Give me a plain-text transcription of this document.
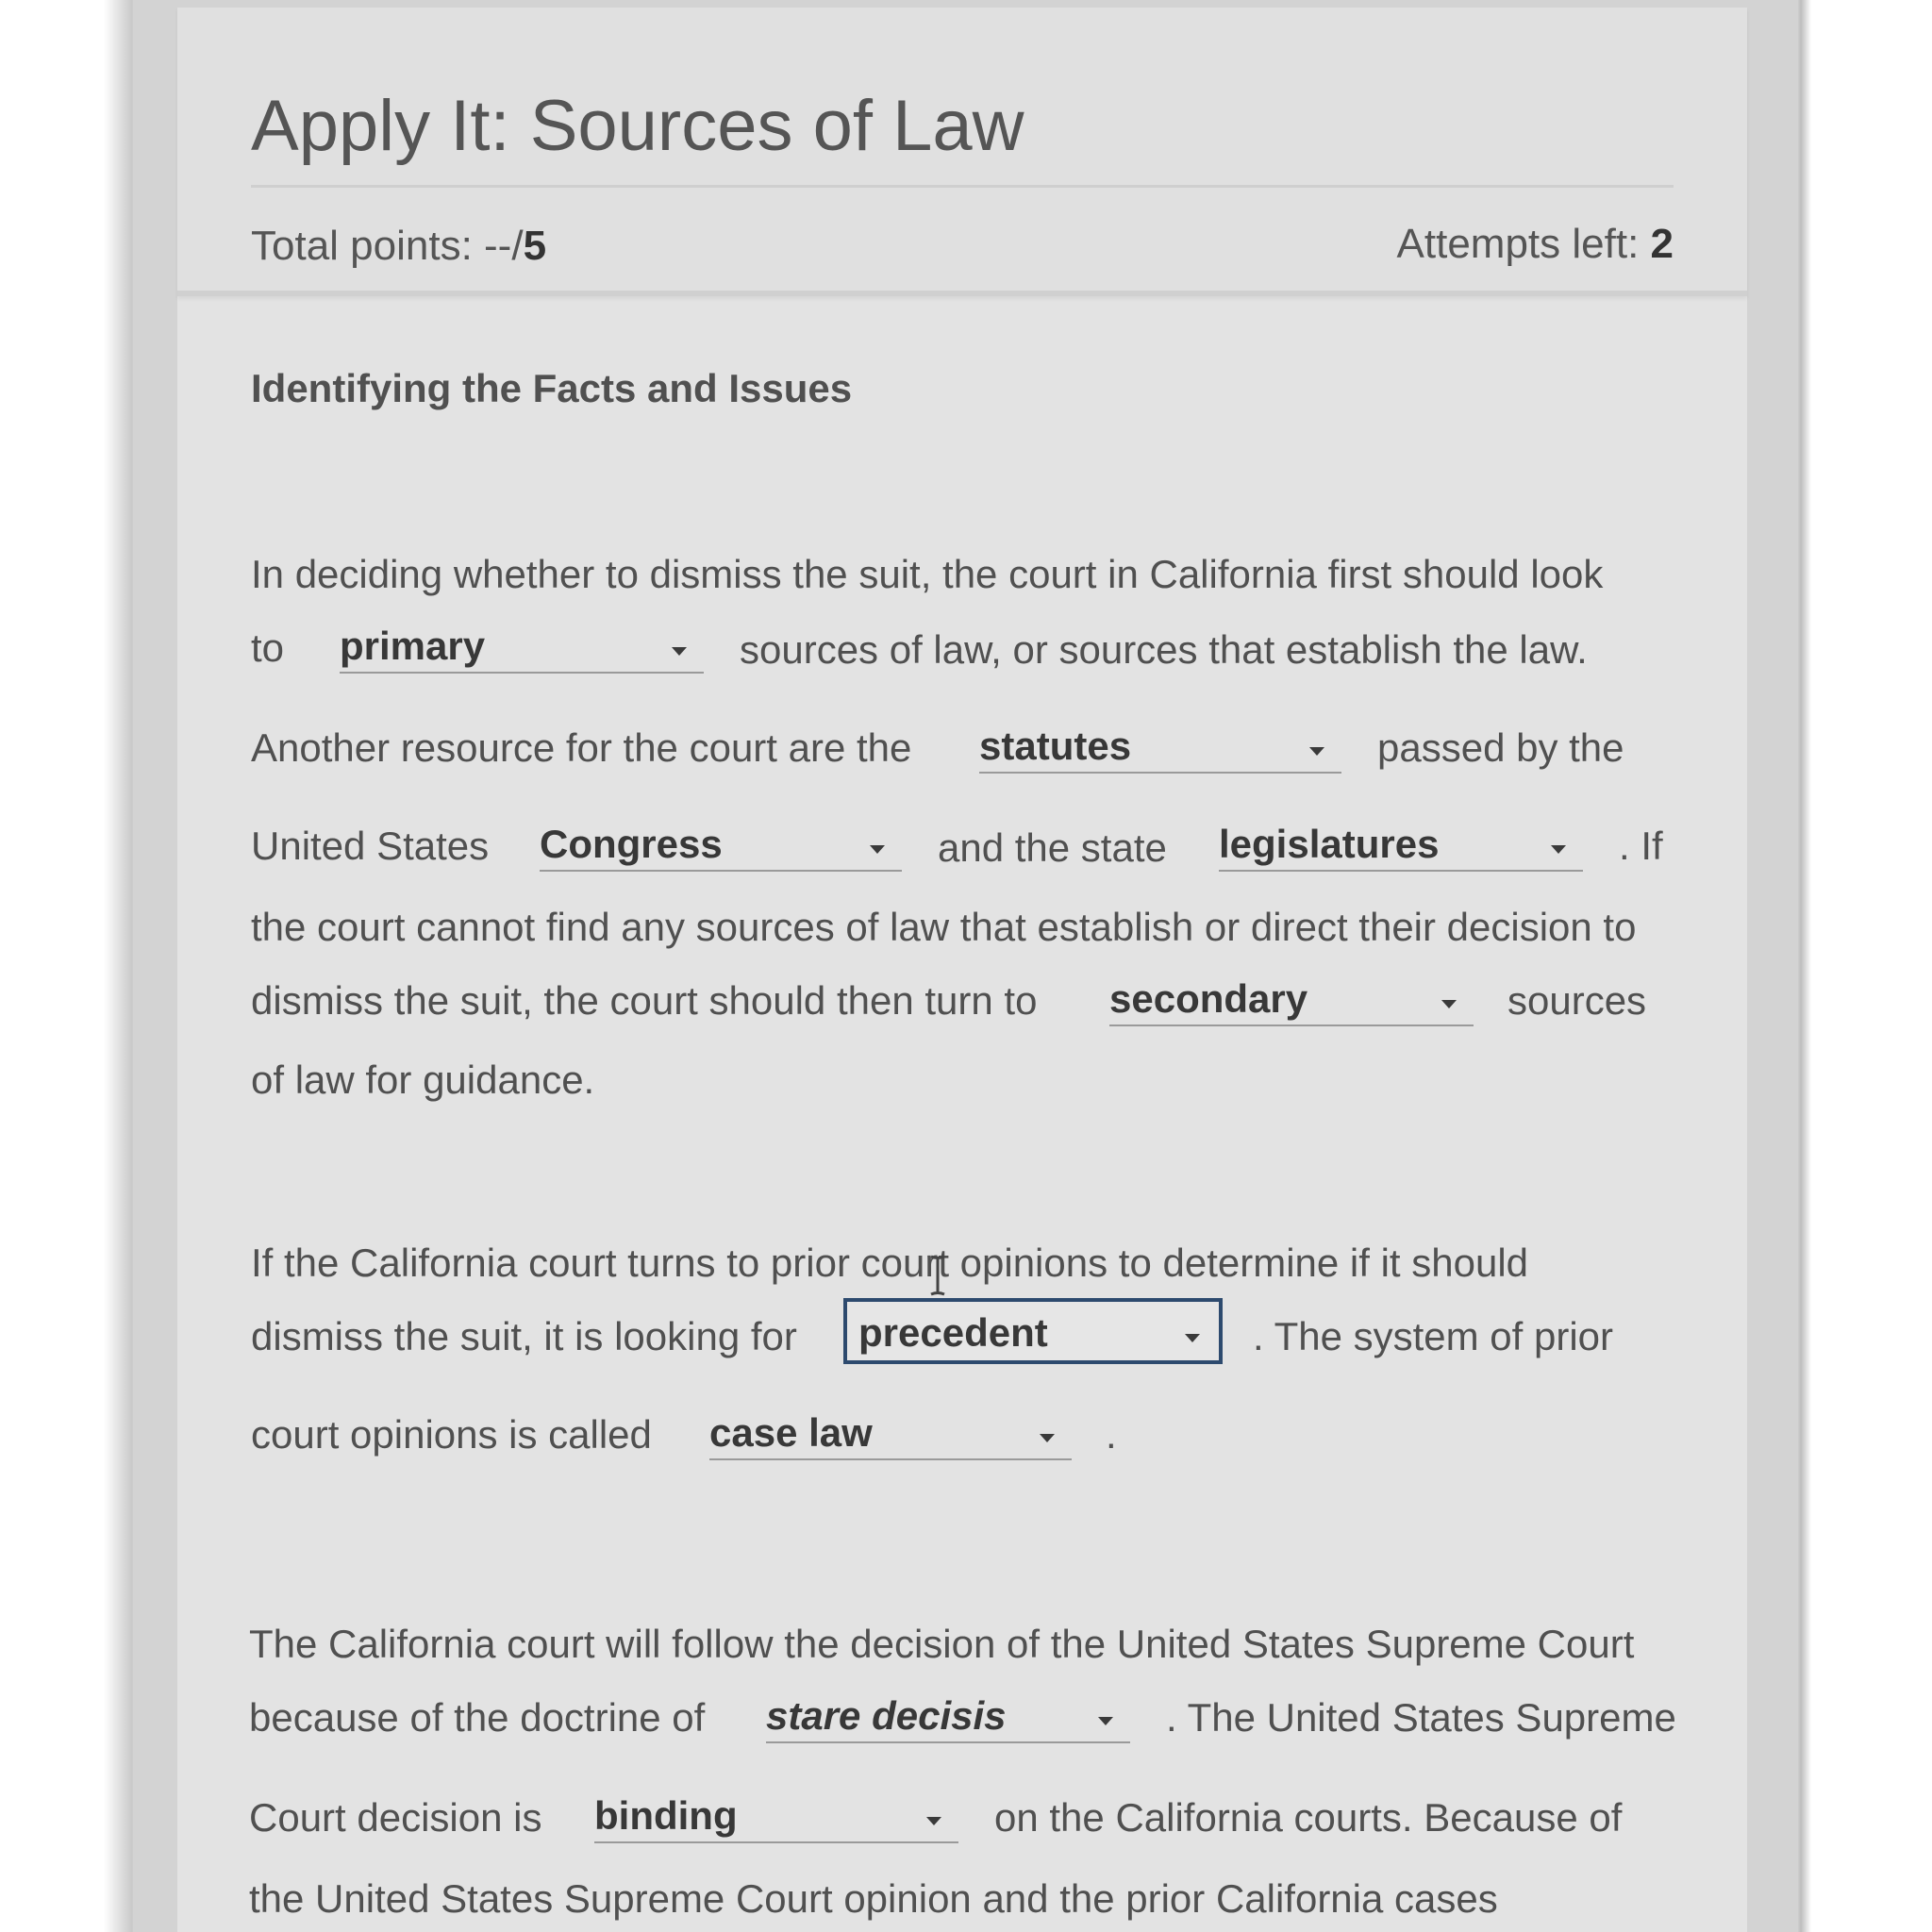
Apply It: Sources of Law
Total points: --/5	Attempts left: 2
Identifying the Facts and Issues
In deciding whether to dismiss the suit, the court in California first should look
to primary	sources of law, or sources that establish the law.
Another resource for the court are the statutes	passed by the
United States Congress	and the state legislatures	. If
the court cannot find any sources of law that establish or direct their decision to
dismiss the suit, the court should then turn to secondary	sources
of law for guidance.
If the California court turns to prior court opinions to determine if it should
dismiss the suit, it is looking for precedent	. The system of prior
court opinions is called case law	.
The California court will follow the decision of the United States Supreme Court
because of the doctrine of stare decisis	. The United States Supreme
Court decision is binding	on the California courts. Because of
the United States Supreme Court opinion and the prior California cases
